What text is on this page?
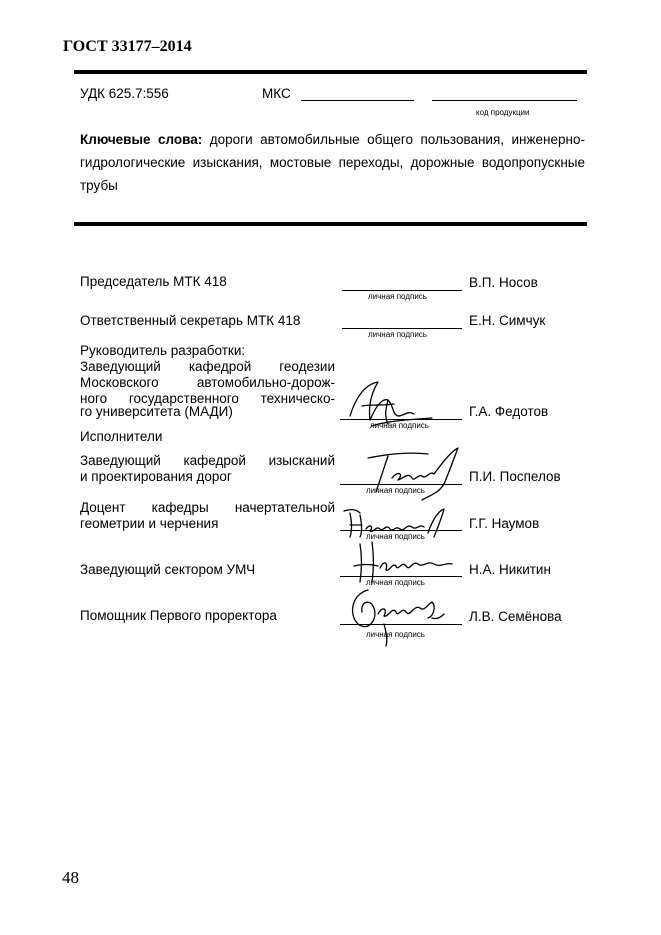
ГОСТ 33177–2014
УДК 625.7:556	МКС
код продукции
Ключевые слова: дороги автомобильные общего пользования, инженерно-гидрологические изыскания, мостовые переходы, дорожные водопропускные трубы
Председатель МТК 418
личная подпись
В.П. Носов
Ответственный секретарь МТК 418
личная подпись
Е.Н. Симчук
Руководитель разработки:
Заведующий кафедрой геодезии
Московского автомобильно-дорож-
ного государственного техническо-
го университета (МАДИ)
личная подпись
Г.А. Федотов
Исполнители
Заведующий кафедрой изысканий
и проектирования дорог
личная подпись
П.И. Поспелов
Доцент кафедры начертательной
геометрии и черчения
личная подпись
Г.Г. Наумов
Заведующий сектором УМЧ
личная подпись
Н.А. Никитин
Помощник Первого проректора
личная подпись
Л.В. Семёнова
48
